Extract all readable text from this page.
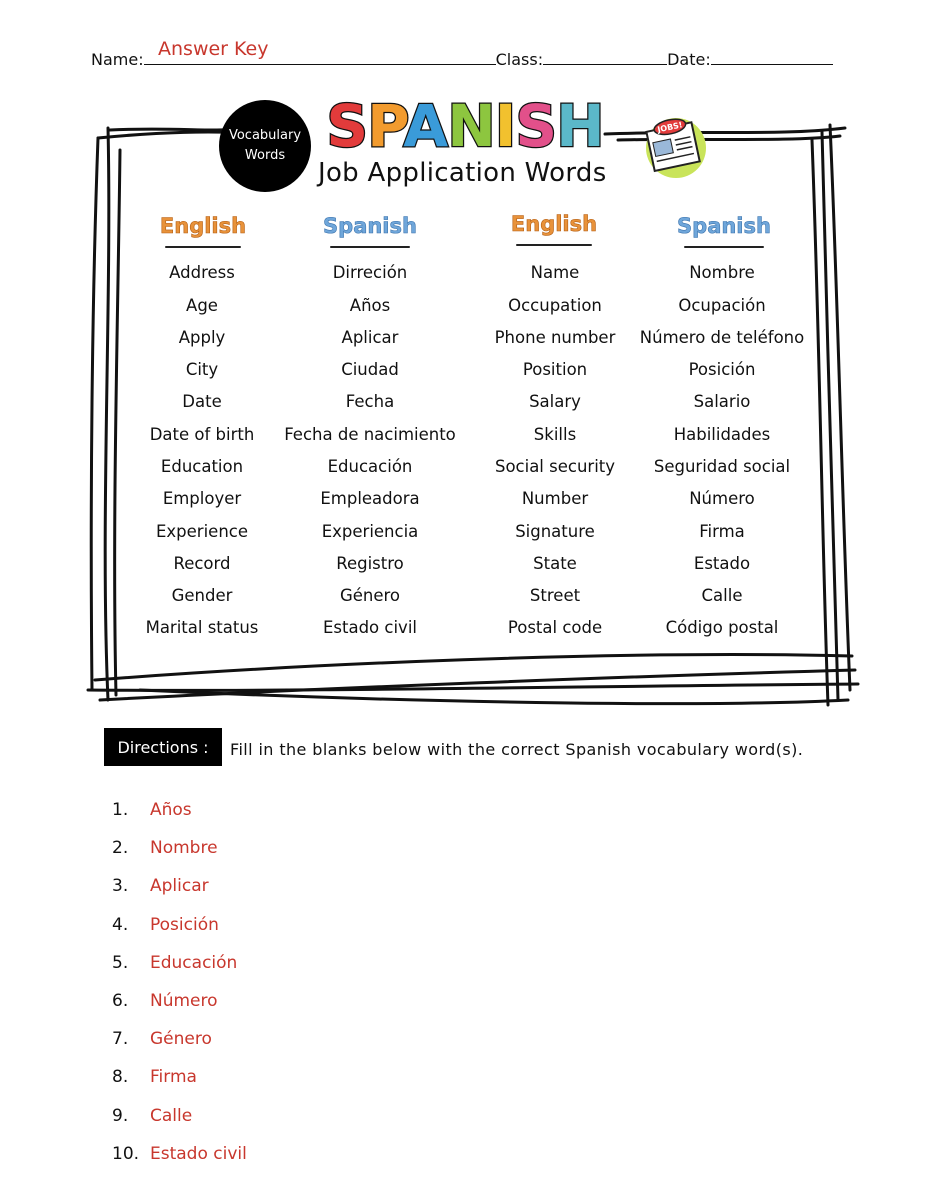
Name:	Class:	Date:
Answer Key
Vocabulary
Words SPANISH
Job Application Words
JOBS!
English	Spanish	English	Spanish
Address	Dirreción
Age	Años
Apply	Aplicar
City	Ciudad
Date	Fecha
Date of birth	Fecha de nacimiento
Education	Educación
Employer	Empleadora
Experience	Experiencia
Record	Registro
Gender	Género
Marital status	Estado civil
Name	Nombre
Occupation	Ocupación
Phone number	Número de teléfono
Position	Posición
Salary	Salario
Skills	Habilidades
Social security	Seguridad social
Number	Número
Signature	Firma
State	Estado
Street	Calle
Postal code	Código postal
Directions :	Fill in the blanks below with the correct Spanish vocabulary word(s).
1.	Años
2.	Nombre
3.	Aplicar
4.	Posición
5.	Educación
6.	Número
7.	Género
8.	Firma
9.	Calle
10. Estado civil
